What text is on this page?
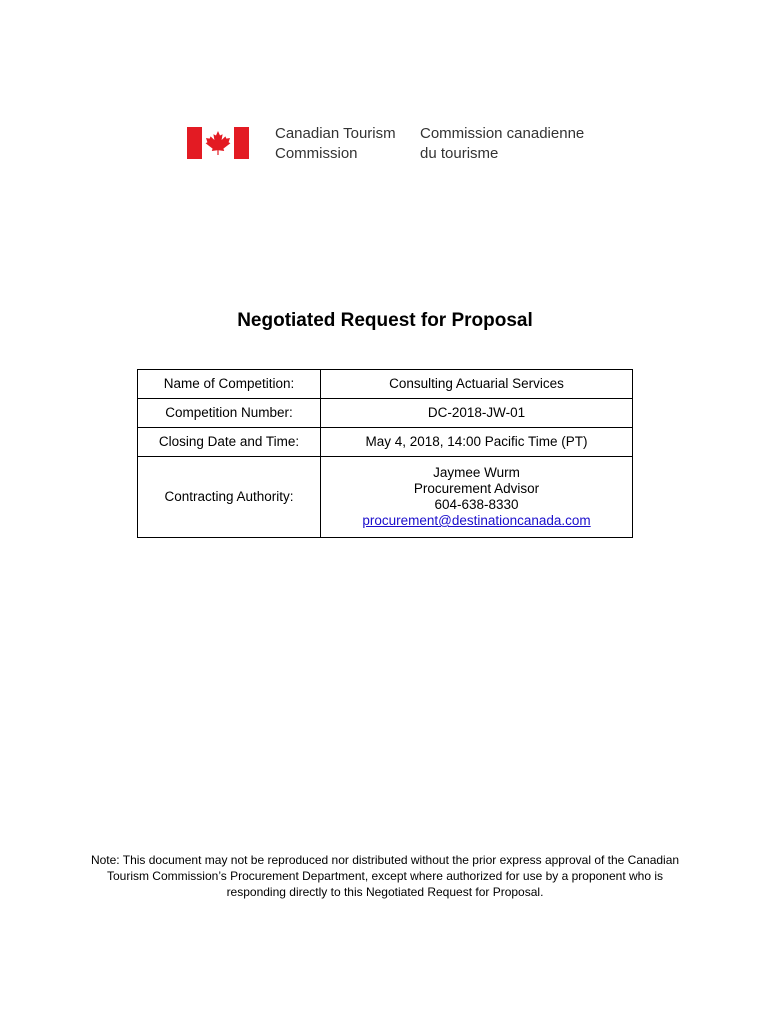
Canadian Tourism
Commission
Commission canadienne
du tourisme
Negotiated Request for Proposal
Name of Competition:	Consulting Actuarial Services
Competition Number:	DC-2018-JW-01
Closing Date and Time:	May 4, 2018, 14:00 Pacific Time (PT)
Contracting Authority:	Jaymee Wurm
Procurement Advisor
604-638-8330
procurement@destinationcanada.com
Note: This document may not be reproduced nor distributed without the prior express approval of the Canadian Tourism Commission’s Procurement Department, except where authorized for use by a proponent who is responding directly to this Negotiated Request for Proposal.
